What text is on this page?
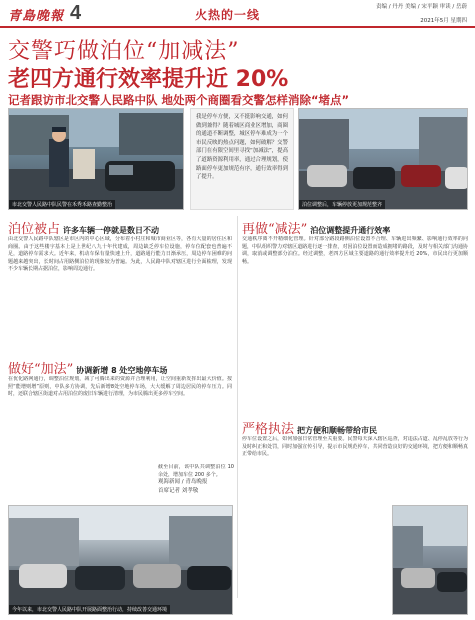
青島晚報 4	火热的一线
责编 / 丹丹 美编 / 宋平颖 审读 / 岳蔚
2021年5月 星期四
交警巧做泊位“加减法”
老四方通行效率提升近 20%
记者跟访市北交警人民路中队 地处两个商圈看交警怎样消除“堵点”
市北交警人民路中队民警在禾秀禾路查勤整治

我是停车方便，又不挺影响交通，如何做到兼得？随着城区商业区增加，商圈的通道不断调整，城区停车难成为一个市民反映的热点问题，如何破解？交警部门在有限空间里寻找“加减法”，提高了道路资源利用率，通过合理规划，使路面停车更加规范有序，通行效率得到了提升。

泊位调整后，车辆停放更加规范整齐
泊位被占 许多车辆一停就是数日不动
由北交警人民路中队辖区是市区内的中心区域，分布着小村庄和城市商业区等，各有大量的居住区和商圈。由于这些楼宇基本上是上世纪八九十年代建成，周边缺乏停车位设施，停车位配套也普遍不足，道路停车需求大。近年来，机动车保有量快速上升，道路通行能力日渐承压，周边停车困难的问题越来越突出，长时间占用路侧泊位的现象较为普遍。为此，人民路中队对辖区进行全面梳理，发现不少车辆长期占据泊位，影响周边通行。
做好“加法” 协调新增 8 处空地停车场
在优化路网通行，调整泊位规划，减了可腾出来的资源并合理利用，让空间重新发挥出最大价值。按照“能增则增”原则，中队多方协调，先后新增8处空地停车场，大大缓解了周边居民的停车压力。同时，还联合辖区街道对占用泊位的废旧车辆进行清理，为市民腾出更多停车空间。
截至目前，该中队共调整泊位 10 余处，增加车位 200 多个。
观海新闻 / 青岛晚报
首席记者 刘孝敬
再做“减法” 泊位调整提升通行效率
交通秩序离不开精细化管理。针对部分路段路侧泊位设置不合理、车辆进出频繁、影响通行效率的问题，中队组织警力对辖区道路进行逐一排查，对因泊位设置而造成拥堵的路段，及时与相关部门沟通协调，取消或调整部分泊位。经过调整，老四方区域主要道路的通行效率提升近 20%，市民出行更加顺畅。
严格执法 把方便和顺畅带给市民
停车位设置之后，如何加强日常管理至关重要。民警每天深入辖区巡查，对违法占道、乱停乱放等行为及时纠正和处罚，同时加强宣传引导，提示市民规范停车，共同营造良好的交通环境，把方便和顺畅真正带给市民。
今年以来，市北交警人民路中队开展路面整治行动，持续改善交通环境
